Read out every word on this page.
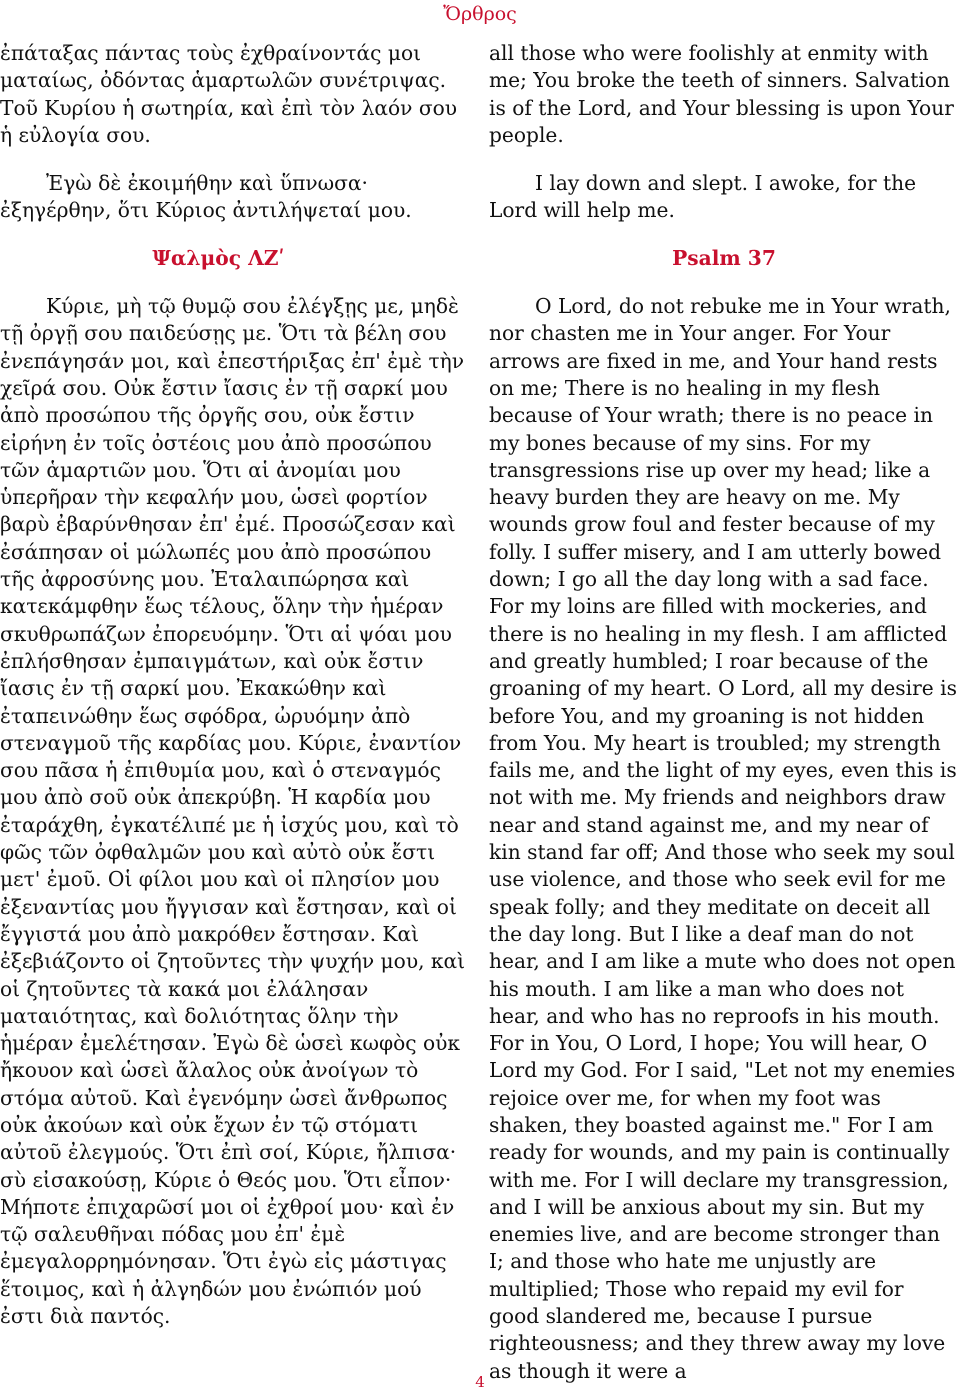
Ὄρθρος

ἐπάταξας πάντας τοὺς ἐχθραίνοντάς μοι ματαίως, ὀδόντας ἁμαρτωλῶν συνέτριψας. Τοῦ Κυρίου ἡ σωτηρία, καὶ ἐπὶ τὸν λαόν σου ἡ εὐλογία σου.

Ἐγὼ δὲ ἐκοιμήθην καὶ ὕπνωσα· ἐξηγέρθην, ὅτι Κύριος ἀντιλήψεταί μου.

Ψαλμὸς ΛΖʹ

Κύριε, μὴ τῷ θυμῷ σου ἐλέγξῃς με, μηδὲ τῇ ὀργῇ σου παιδεύσῃς με. Ὅτι τὰ βέλη σου ἐνεπάγησάν μοι, καὶ ἐπεστήριξας ἐπ' ἐμὲ τὴν χεῖρά σου. Οὐκ ἔστιν ἴασις ἐν τῇ σαρκί μου ἀπὸ προσώπου τῆς ὀργῆς σου, οὐκ ἔστιν εἰρήνη ἐν τοῖς ὀστέοις μου ἀπὸ προσώπου τῶν ἁμαρτιῶν μου. Ὅτι αἱ ἀνομίαι μου ὑπερῆραν τὴν κεφαλήν μου, ὡσεὶ φορτίον βαρὺ ἐβαρύνθησαν ἐπ' ἐμέ. Προσώζεσαν καὶ ἐσάπησαν οἱ μώλωπές μου ἀπὸ προσώπου τῆς ἀφροσύνης μου. Ἐταλαιπώρησα καὶ κατεκάμφθην ἕως τέλους, ὅλην τὴν ἡμέραν σκυθρωπάζων ἐπορευόμην. Ὅτι αἱ ψόαι μου ἐπλήσθησαν ἐμπαιγμάτων, καὶ οὐκ ἔστιν ἴασις ἐν τῇ σαρκί μου. Ἐκακώθην καὶ ἐταπεινώθην ἕως σφόδρα, ὠρυόμην ἀπὸ στεναγμοῦ τῆς καρδίας μου. Κύριε, ἐναντίον σου πᾶσα ἡ ἐπιθυμία μου, καὶ ὁ στεναγμός μου ἀπὸ σοῦ οὐκ ἀπεκρύβη. Ἡ καρδία μου ἐταράχθη, ἐγκατέλιπέ με ἡ ἰσχύς μου, καὶ τὸ φῶς τῶν ὀφθαλμῶν μου καὶ αὐτὸ οὐκ ἔστι μετ' ἐμοῦ. Οἱ φίλοι μου καὶ οἱ πλησίον μου ἐξεναντίας μου ἤγγισαν καὶ ἔστησαν, καὶ οἱ ἔγγιστά μου ἀπὸ μακρόθεν ἔστησαν. Καὶ ἐξεβιάζοντο οἱ ζητοῦντες τὴν ψυχήν μου, καὶ οἱ ζητοῦντες τὰ κακά μοι ἐλάλησαν ματαιότητας, καὶ δολιότητας ὅλην τὴν ἡμέραν ἐμελέτησαν. Ἐγὼ δὲ ὡσεὶ κωφὸς οὐκ ἤκουον καὶ ὡσεὶ ἄλαλος οὐκ ἀνοίγων τὸ στόμα αὐτοῦ. Καὶ ἐγενόμην ὡσεὶ ἄνθρωπος οὐκ ἀκούων καὶ οὐκ ἔχων ἐν τῷ στόματι αὐτοῦ ἐλεγμούς. Ὅτι ἐπὶ σοί, Κύριε, ἤλπισα· σὺ εἰσακούσῃ, Κύριε ὁ Θεός μου. Ὅτι εἶπον· Μήποτε ἐπιχαρῶσί μοι οἱ ἐχθροί μου· καὶ ἐν τῷ σαλευθῆναι πόδας μου ἐπ' ἐμὲ ἐμεγαλορρημόνησαν. Ὅτι ἐγὼ εἰς μάστιγας ἕτοιμος, καὶ ἡ ἀλγηδών μου ἐνώπιόν μού ἐστι διὰ παντός.

all those who were foolishly at enmity with me; You broke the teeth of sinners. Salvation is of the Lord, and Your blessing is upon Your people.

I lay down and slept. I awoke, for the Lord will help me.

Psalm 37

O Lord, do not rebuke me in Your wrath, nor chasten me in Your anger. For Your arrows are fixed in me, and Your hand rests on me; There is no healing in my flesh because of Your wrath; there is no peace in my bones because of my sins. For my transgressions rise up over my head; like a heavy burden they are heavy on me. My wounds grow foul and fester because of my folly. I suffer misery, and I am utterly bowed down; I go all the day long with a sad face. For my loins are filled with mockeries, and there is no healing in my flesh. I am afflicted and greatly humbled; I roar because of the groaning of my heart. O Lord, all my desire is before You, and my groaning is not hidden from You. My heart is troubled; my strength fails me, and the light of my eyes, even this is not with me. My friends and neighbors draw near and stand against me, and my near of kin stand far off; And those who seek my soul use violence, and those who seek evil for me speak folly; and they meditate on deceit all the day long. But I like a deaf man do not hear, and I am like a mute who does not open his mouth. I am like a man who does not hear, and who has no reproofs in his mouth. For in You, O Lord, I hope; You will hear, O Lord my God. For I said, "Let not my enemies rejoice over me, for when my foot was shaken, they boasted against me." For I am ready for wounds, and my pain is continually with me. For I will declare my transgression, and I will be anxious about my sin. But my enemies live, and are become stronger than I; and those who hate me unjustly are multiplied; Those who repaid my evil for good slandered me, because I pursue righteousness; and they threw away my love as though it were a

4
